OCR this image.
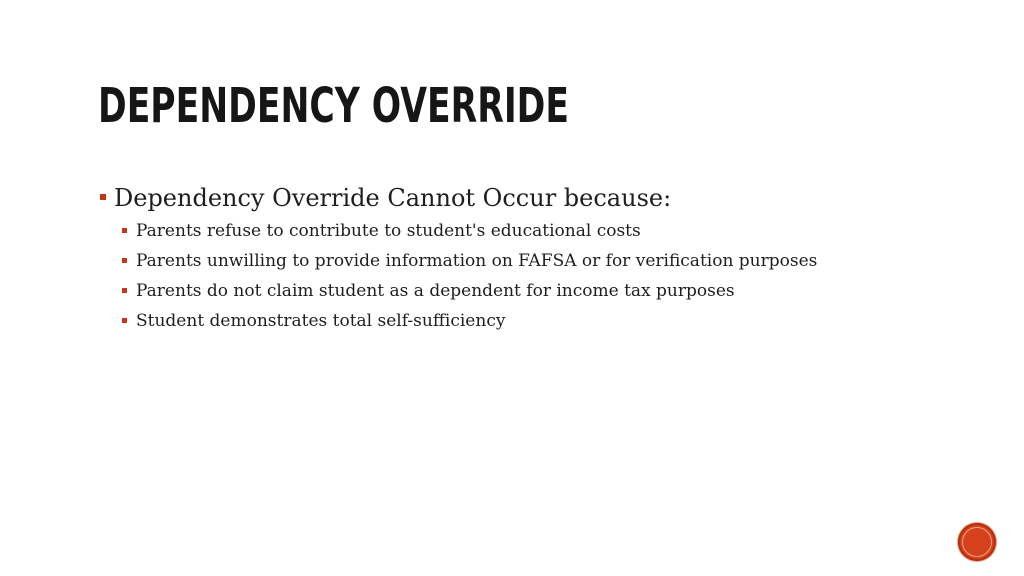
DEPENDENCY OVERRIDE
Dependency Override Cannot Occur because:
Parents refuse to contribute to student's educational costs
Parents unwilling to provide information on FAFSA or for verification purposes
Parents do not claim student as a dependent for income tax purposes
Student demonstrates total self-sufficiency
